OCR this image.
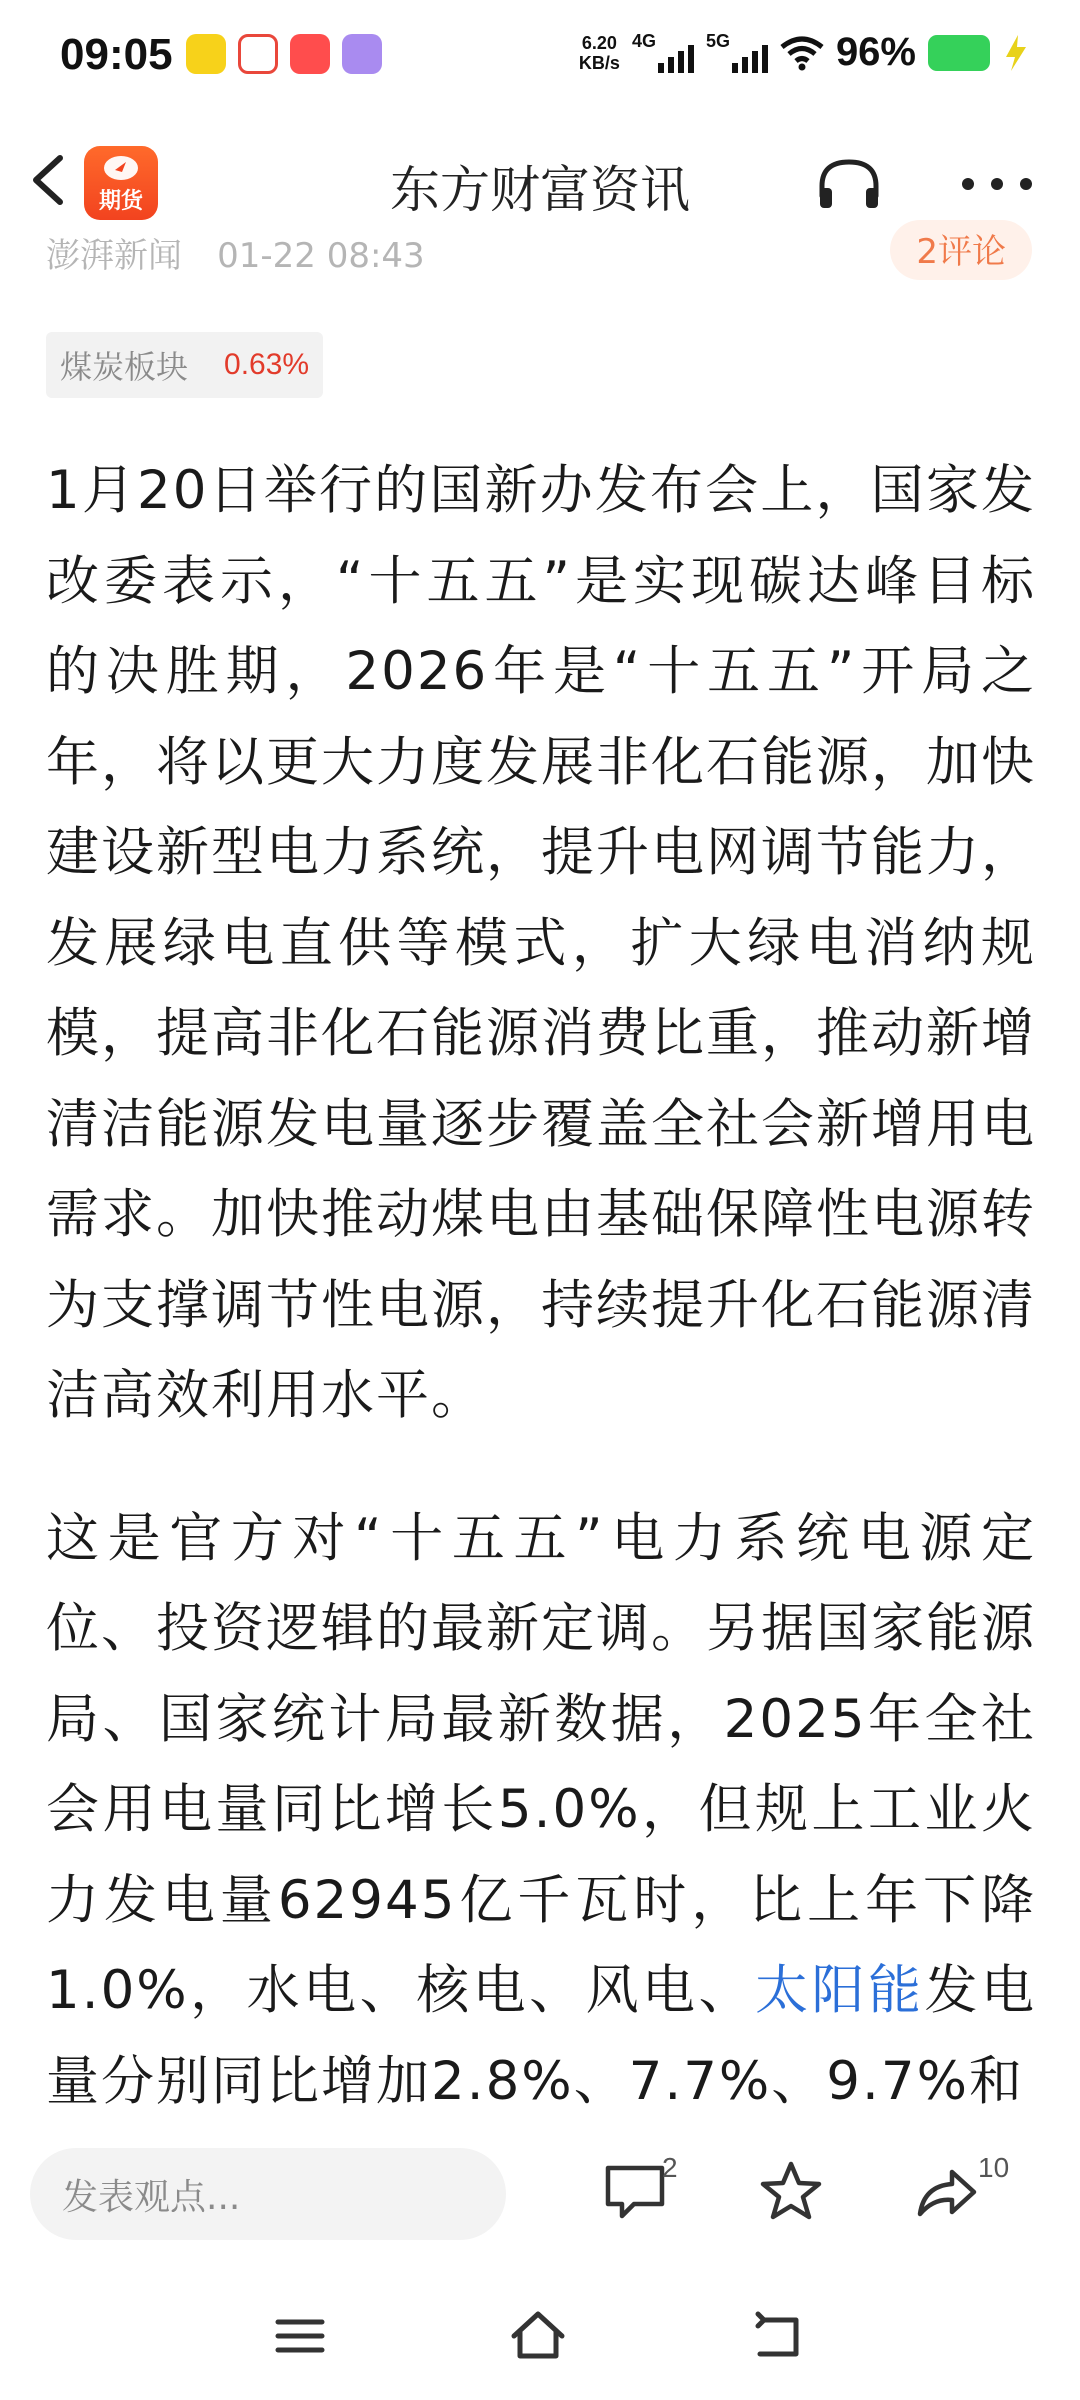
09:05	6.20
KB/s
4G	5G	96%
期货	东方财富资讯
澎湃新闻 01-22 08:43	2评论
煤炭板块 0.63%

1月20日举行的国新办发布会上，国家发改委表示，“十五五”是实现碳达峰目标的决胜期，2026年是“十五五”开局之年，将以更大力度发展非化石能源，加快建设新型电力系统，提升电网调节能力，发展绿电直供等模式，扩大绿电消纳规模，提高非化石能源消费比重，推动新增清洁能源发电量逐步覆盖全社会新增用电需求。加快推动煤电由基础保障性电源转为支撑调节性电源，持续提升化石能源清洁高效利用水平。

这是官方对“十五五”电力系统电源定位、投资逻辑的最新定调。另据国家能源局、国家统计局最新数据，2025年全社会用电量同比增长5.0%，但规上工业火力发电量62945亿千瓦时，比上年下降1.0%，水电、核电、风电、太阳能发电量分别同比增加2.8%、7.7%、9.7%和

发表观点...
2	10
